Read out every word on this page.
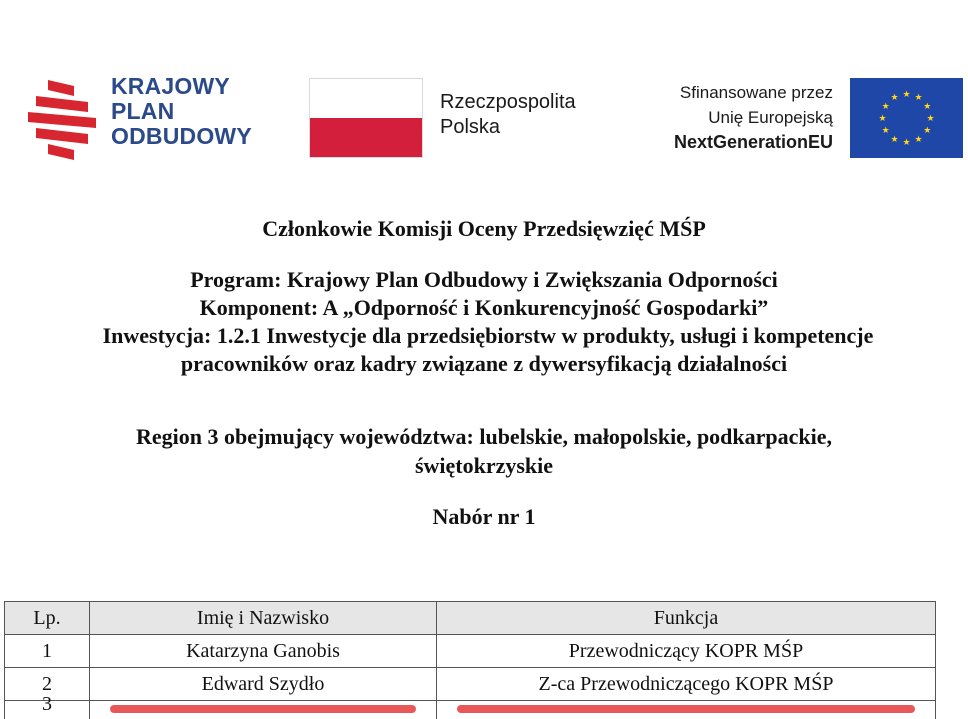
KRAJOWY
PLAN
ODBUDOWY
Rzeczpospolita
Polska
Sfinansowane przez
Unię Europejską
NextGenerationEU
★ ★
★
★
★
★
★
★
★
★
★
★
Członkowie Komisji Oceny Przedsięwzięć MŚP
Program: Krajowy Plan Odbudowy i Zwiększania Odporności
Komponent: A „Odporność i Konkurencyjność Gospodarki”
Inwestycja: 1.2.1 Inwestycje dla przedsiębiorstw w produkty, usługi i kompetencje
pracowników oraz kadry związane z dywersyfikacją działalności
Region 3 obejmujący województwa: lubelskie, małopolskie, podkarpackie,
świętokrzyskie
Nabór nr 1
Lp.	Imię i Nazwisko	Funkcja
1	Katarzyna Ganobis	Przewodniczący KOPR MŚP
2	Edward Szydło	Z-ca Przewodniczącego KOPR MŚP
3	
